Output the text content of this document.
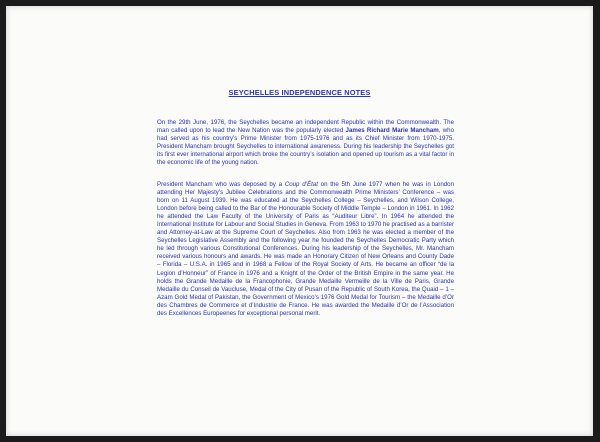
SEYCHELLES INDEPENDENCE NOTES

On the 29th June, 1976, the Seychelles became an independent Republic within the Commonwealth. The man called upon to lead the New Nation was the popularly elected James Richard Marie Mancham, who had served as his country’s Prime Minister from 1975-1976 and as its Chief Minister from 1970-1975. President Mancham brought Seychelles to international awareness. During his leadership the Seychelles got its first ever international airport which broke the country’s isolation and opened up tourism as a vital factor in the economic life of the young nation.

President Mancham who was deposed by a Coup d’État on the 5th June 1977 when he was in London attending Her Majesty’s Jubilee Celebrations and the Commonwealth Prime Ministers’ Conference – was born on 11 August 1939. He was educated at the Seychelles College – Seychelles, and Wilson College, London before being called to the Bar of the Honourable Society of Middle Temple – London in 1961. In 1962 he attended the Law Faculty of the University of Paris as “Auditeur Libre”. In 1964 he attended the International Institute for Labour and Social Studies in Geneva. From 1963 to 1970 he practised as a barrister and Attorney-at-Law at the Supreme Court of Seychelles. Also from 1963 he was elected a member of the Seychelles Legislative Assembly and the following year he founded the Seychelles Democratic Party which he led through various Constitutional Conferences. During his leadership of the Seychelles, Mr. Mancham received various honours and awards. He was made an Honorary Citizen of New Orleans and County Dade – Florida – U.S.A. in 1965 and in 1968 a Fellow of the Royal Society of Arts. He became an officer “de la Legion d’Honneur” of France in 1976 and a Knight of the Order of the British Empire in the same year. He holds the Grande Medaille de la Francophonie, Grande Medaille Vermeille de la Ville de Paris, Grande Medaille du Conseil de Vaucluse, Medal of the City of Pusan of the Republic of South Korea, the Quaid – 1 – Azam Gold Medal of Pakistan, the Government of Mexico’s 1976 Gold Medal for Tourism – the Medaille d’Or des Chambres de Commerce et d’Industrie de France. He was awarded the Medaille d’Or de l’Association des Excellences Europeenes for exceptional personal merit.
